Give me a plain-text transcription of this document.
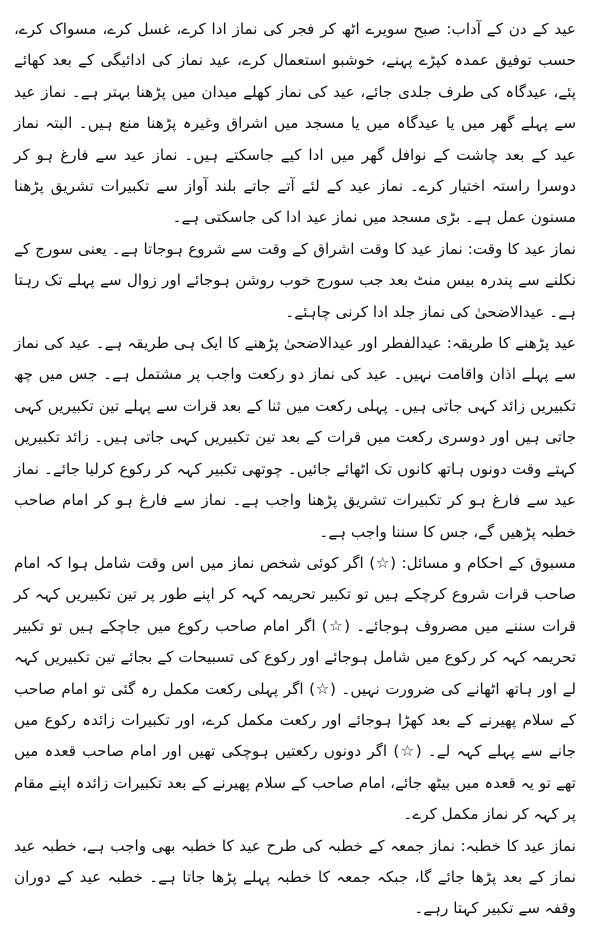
عید کے دن کے آداب: صبح سویرے اٹھ کر فجر کی نماز ادا کرے، غسل کرے، مسواک کرے، حسب توفیق عمدہ کپڑے پہنے، خوشبو استعمال کرے، عید نماز کی ادائیگی کے بعد کھائے پئے، عیدگاہ کی طرف جلدی جائے، عید کی نماز کھلے میدان میں پڑھنا بہتر ہے۔ نماز عید سے پہلے گھر میں یا عیدگاہ میں یا مسجد میں اشراق وغیرہ پڑھنا منع ہیں۔ البتہ نماز عید کے بعد چاشت کے نوافل گھر میں ادا کیے جاسکتے ہیں۔ نماز عید سے فارغ ہو کر دوسرا راستہ اختیار کرے۔ نماز عید کے لئے آتے جاتے بلند آواز سے تکبیرات تشریق پڑھنا مسنون عمل ہے۔ بڑی مسجد میں نماز عید ادا کی جاسکتی ہے۔

نماز عید کا وقت: نماز عید کا وقت اشراق کے وقت سے شروع ہوجاتا ہے۔ یعنی سورج کے نکلنے سے پندرہ بیس منٹ بعد جب سورج خوب روشن ہوجائے اور زوال سے پہلے تک رہتا ہے۔ عیدالاضحیٰ کی نماز جلد ادا کرنی چاہئے۔

عید پڑھنے کا طریقہ: عیدالفطر اور عیدالاضحیٰ پڑھنے کا ایک ہی طریقہ ہے۔ عید کی نماز سے پہلے اذان واقامت نہیں۔ عید کی نماز دو رکعت واجب پر مشتمل ہے۔ جس میں چھ تکبیریں زائد کہی جاتی ہیں۔ پہلی رکعت میں ثنا کے بعد قرات سے پہلے تین تکبیریں کہی جاتی ہیں اور دوسری رکعت میں قرات کے بعد تین تکبیریں کہی جاتی ہیں۔ زائد تکبیریں کہتے وقت دونوں ہاتھ کانوں تک اٹھائے جائیں۔ چوتھی تکبیر کہہ کر رکوع کرلیا جائے۔ نماز عید سے فارغ ہو کر تکبیرات تشریق پڑھنا واجب ہے۔ نماز سے فارغ ہو کر امام صاحب خطبہ پڑھیں گے، جس کا سننا واجب ہے۔

مسبوق کے احکام و مسائل: (☆) اگر کوئی شخص نماز میں اس وقت شامل ہوا کہ امام صاحب قرات شروع کرچکے ہیں تو تکبیر تحریمہ کہہ کر اپنے طور پر تین تکبیریں کہہ کر قرات سننے میں مصروف ہوجائے۔ (☆) اگر امام صاحب رکوع میں جاچکے ہیں تو تکبیر تحریمہ کہہ کر رکوع میں شامل ہوجائے اور رکوع کی تسبیحات کے بجائے تین تکبیریں کہہ لے اور ہاتھ اٹھانے کی ضرورت نہیں۔ (☆) اگر پہلی رکعت مکمل رہ گئی تو امام صاحب کے سلام پھیرنے کے بعد کھڑا ہوجائے اور رکعت مکمل کرے، اور تکبیرات زائدہ رکوع میں جانے سے پہلے کہہ لے۔ (☆) اگر دونوں رکعتیں ہوچکی تھیں اور امام صاحب قعدہ میں تھے تو یہ قعدہ میں بیٹھ جائے، امام صاحب کے سلام پھیرنے کے بعد تکبیرات زائدہ اپنے مقام پر کہہ کر نماز مکمل کرے۔

نماز عید کا خطبہ: نماز جمعہ کے خطبہ کی طرح عید کا خطبہ بھی واجب ہے، خطبہ عید نماز کے بعد پڑھا جائے گا، جبکہ جمعہ کا خطبہ پہلے پڑھا جاتا ہے۔ خطبہ عید کے دوران وقفہ سے تکبیر کہتا رہے۔
